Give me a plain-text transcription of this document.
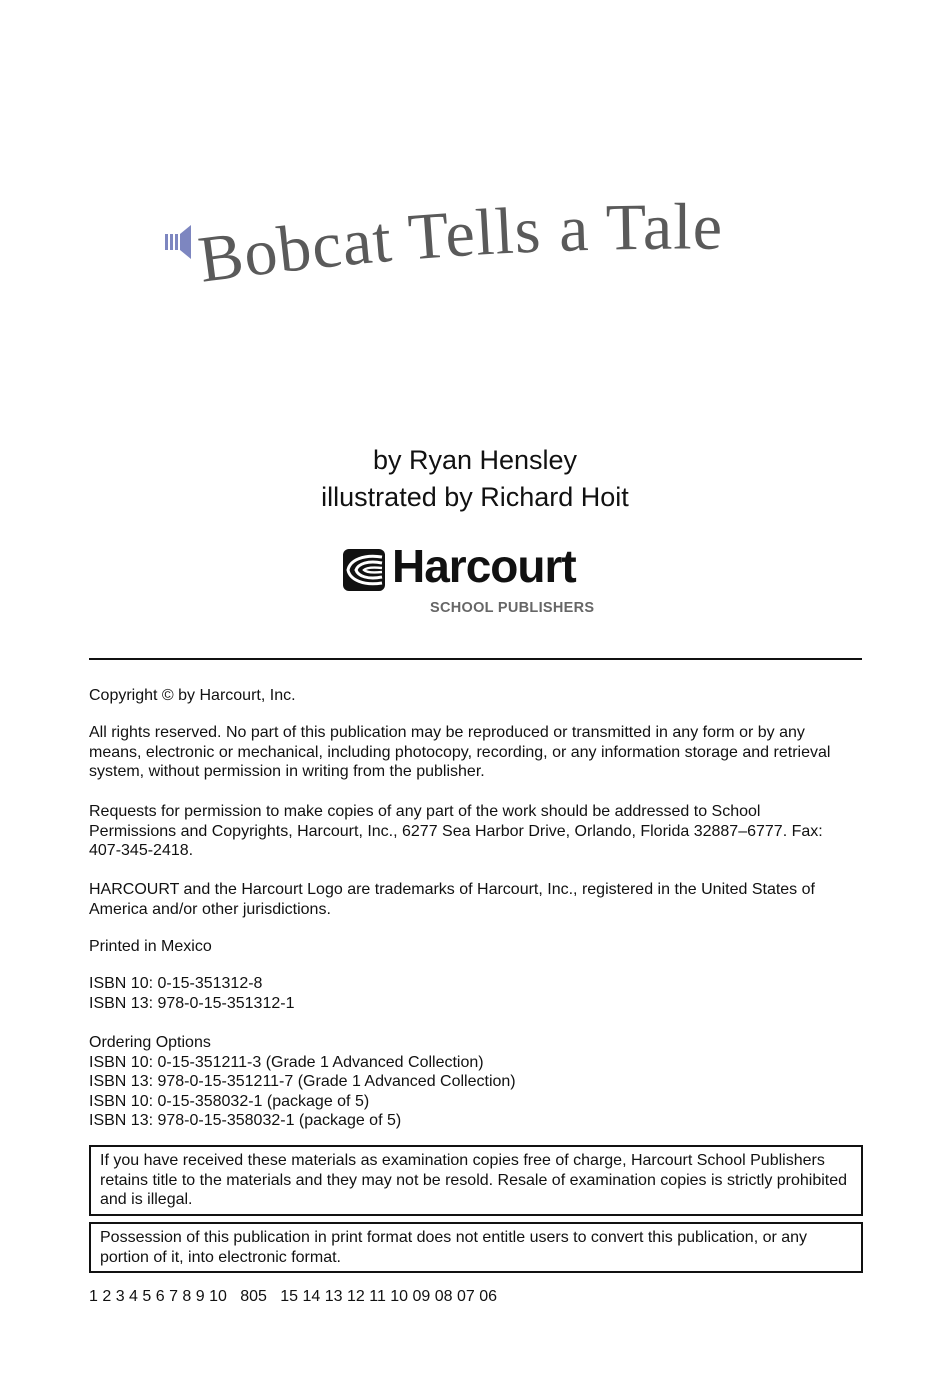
Bobcat Tells a Tale
by Ryan Hensley
illustrated by Richard Hoit
Harcourt
SCHOOL PUBLISHERS
Copyright © by Harcourt, Inc.
All rights reserved. No part of this publication may be reproduced or transmitted in any form or by any means, electronic or mechanical, including photocopy, recording, or any information storage and retrieval system, without permission in writing from the publisher.
Requests for permission to make copies of any part of the work should be addressed to School Permissions and Copyrights, Harcourt, Inc., 6277 Sea Harbor Drive, Orlando, Florida 32887–6777. Fax: 407-345-2418.
HARCOURT and the Harcourt Logo are trademarks of Harcourt, Inc., registered in the United States of America and/or other jurisdictions.
Printed in Mexico

ISBN 10: 0-15-351312-8

ISBN 13: 978-0-15-351312-1

Ordering Options

ISBN 10: 0-15-351211-3 (Grade 1 Advanced Collection)

ISBN 13: 978-0-15-351211-7 (Grade 1 Advanced Collection)

ISBN 10: 0-15-358032-1 (package of 5)

ISBN 13: 978-0-15-358032-1 (package of 5)

If you have received these materials as examination copies free of charge, Harcourt School Publishers retains title to the materials and they may not be resold. Resale of examination copies is strictly prohibited and is illegal.
Possession of this publication in print format does not entitle users to convert this publication, or any portion of it, into electronic format.
1 2 3 4 5 6 7 8 9 10   805   15 14 13 12 11 10 09 08 07 06
